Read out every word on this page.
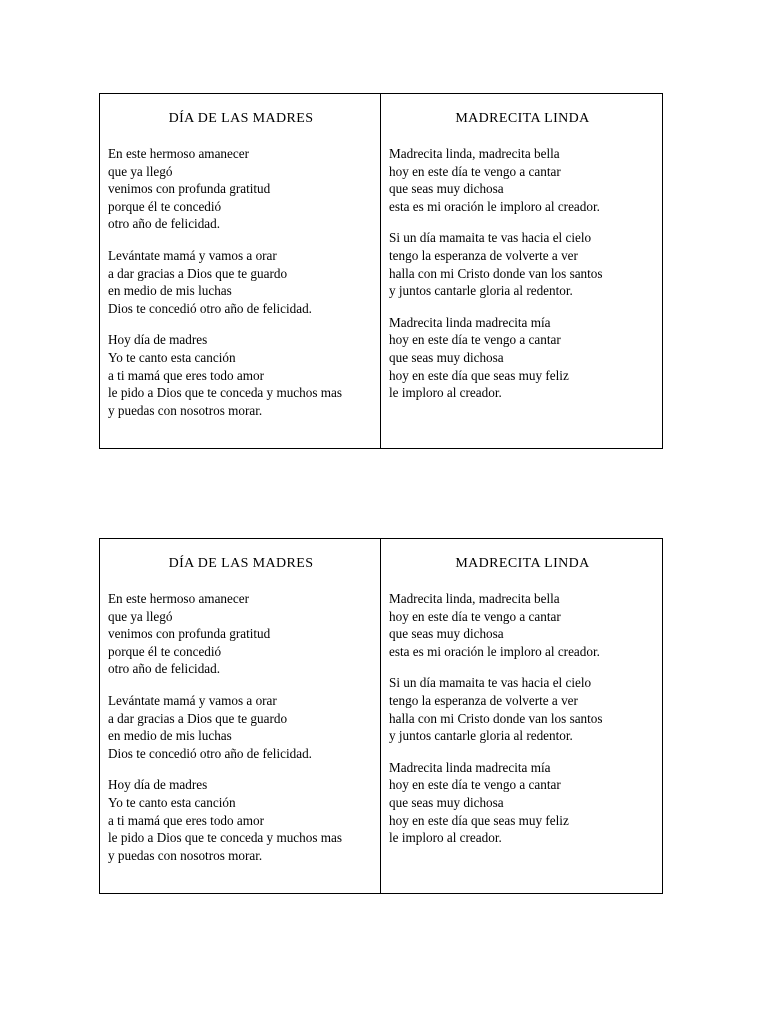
DÍA DE LAS MADRES
En este hermoso amanecer
que ya llegó
venimos con profunda gratitud
porque él te concedió
otro año de felicidad.
Levántate mamá y vamos a orar
a dar gracias a Dios que te guardo
en medio de mis luchas
Dios te concedió otro año de felicidad.
Hoy día de madres
Yo te canto esta canción
a ti mamá que eres todo amor
le pido a Dios que te conceda y muchos mas
y puedas con nosotros morar.
MADRECITA LINDA
Madrecita linda, madrecita bella
hoy en este día te vengo a cantar
que seas muy dichosa
esta es mi oración le imploro al creador.
Si un día mamaita te vas hacia el cielo
tengo la esperanza de volverte a ver
halla con mi Cristo donde van los santos
y juntos cantarle gloria al redentor.
Madrecita linda madrecita mía
hoy en este día te vengo a cantar
que seas muy dichosa
hoy en este día que seas muy feliz
le imploro al creador.
DÍA DE LAS MADRES
En este hermoso amanecer
que ya llegó
venimos con profunda gratitud
porque él te concedió
otro año de felicidad.
Levántate mamá y vamos a orar
a dar gracias a Dios que te guardo
en medio de mis luchas
Dios te concedió otro año de felicidad.
Hoy día de madres
Yo te canto esta canción
a ti mamá que eres todo amor
le pido a Dios que te conceda y muchos mas
y puedas con nosotros morar.
MADRECITA LINDA
Madrecita linda, madrecita bella
hoy en este día te vengo a cantar
que seas muy dichosa
esta es mi oración le imploro al creador.
Si un día mamaita te vas hacia el cielo
tengo la esperanza de volverte a ver
halla con mi Cristo donde van los santos
y juntos cantarle gloria al redentor.
Madrecita linda madrecita mía
hoy en este día te vengo a cantar
que seas muy dichosa
hoy en este día que seas muy feliz
le imploro al creador.
